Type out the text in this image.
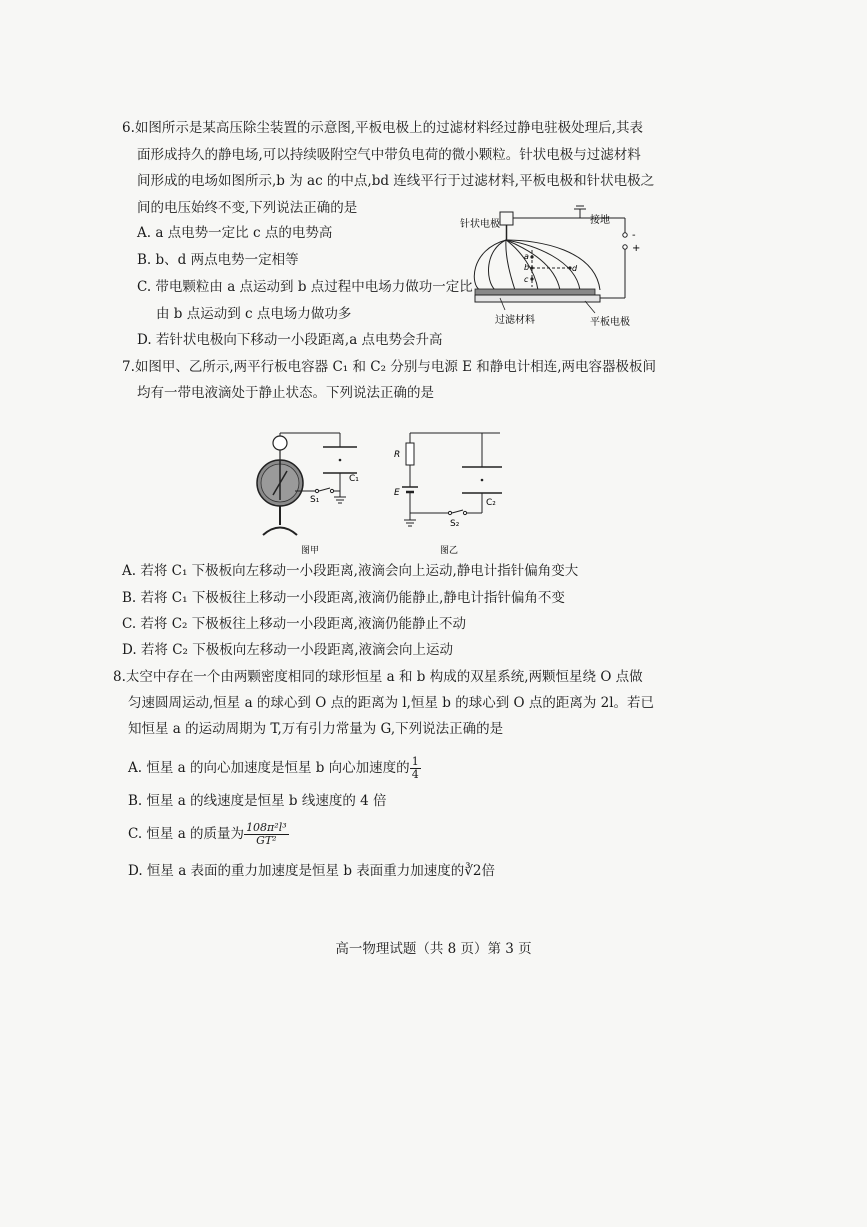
6.如图所示是某高压除尘装置的示意图,平板电极上的过滤材料经过静电驻极处理后,其表
面形成持久的静电场,可以持续吸附空气中带负电荷的微小颗粒。针状电极与过滤材料
间形成的电场如图所示,b 为 ac 的中点,bd 连线平行于过滤材料,平板电极和针状电极之
间的电压始终不变,下列说法正确的是
A. a 点电势一定比 c 点的电势高
B. b、d 两点电势一定相等
C. 带电颗粒由 a 点运动到 b 点过程中电场力做功一定比
由 b 点运动到 c 点电场力做功多
D. 若针状电极向下移动一小段距离,a 点电势会升高
a
b
c
d
-
+
针状电极	接地
过滤材料	平板电极
7.如图甲、乙所示,两平行板电容器 C₁ 和 C₂ 分别与电源 E 和静电计相连,两电容器极板间
均有一带电液滴处于静止状态。下列说法正确的是
C₁
S₁
图甲
R
E
S₂
C₂
图乙
A. 若将 C₁ 下极板向左移动一小段距离,液滴会向上运动,静电计指针偏角变大
B. 若将 C₁ 下极板往上移动一小段距离,液滴仍能静止,静电计指针偏角不变
C. 若将 C₂ 下极板往上移动一小段距离,液滴仍能静止不动
D. 若将 C₂ 下极板向左移动一小段距离,液滴会向上运动
8.太空中存在一个由两颗密度相同的球形恒星 a 和 b 构成的双星系统,两颗恒星绕 O 点做
匀速圆周运动,恒星 a 的球心到 O 点的距离为 l,恒星 b 的球心到 O 点的距离为 2l。若已
知恒星 a 的运动周期为 T,万有引力常量为 G,下列说法正确的是
A. 恒星 a 的向心加速度是恒星 b 向心加速度的 $\frac{1}{4}$
B. 恒星 a 的线速度是恒星 b 线速度的 4 倍
C. 恒星 a 的质量为 $\frac{\text{108π²l³}}{\text{GT²}}$
D. 恒星 a 表面的重力加速度是恒星 b 表面重力加速度的∛2倍
高一物理试题（共 8 页）第 3 页
